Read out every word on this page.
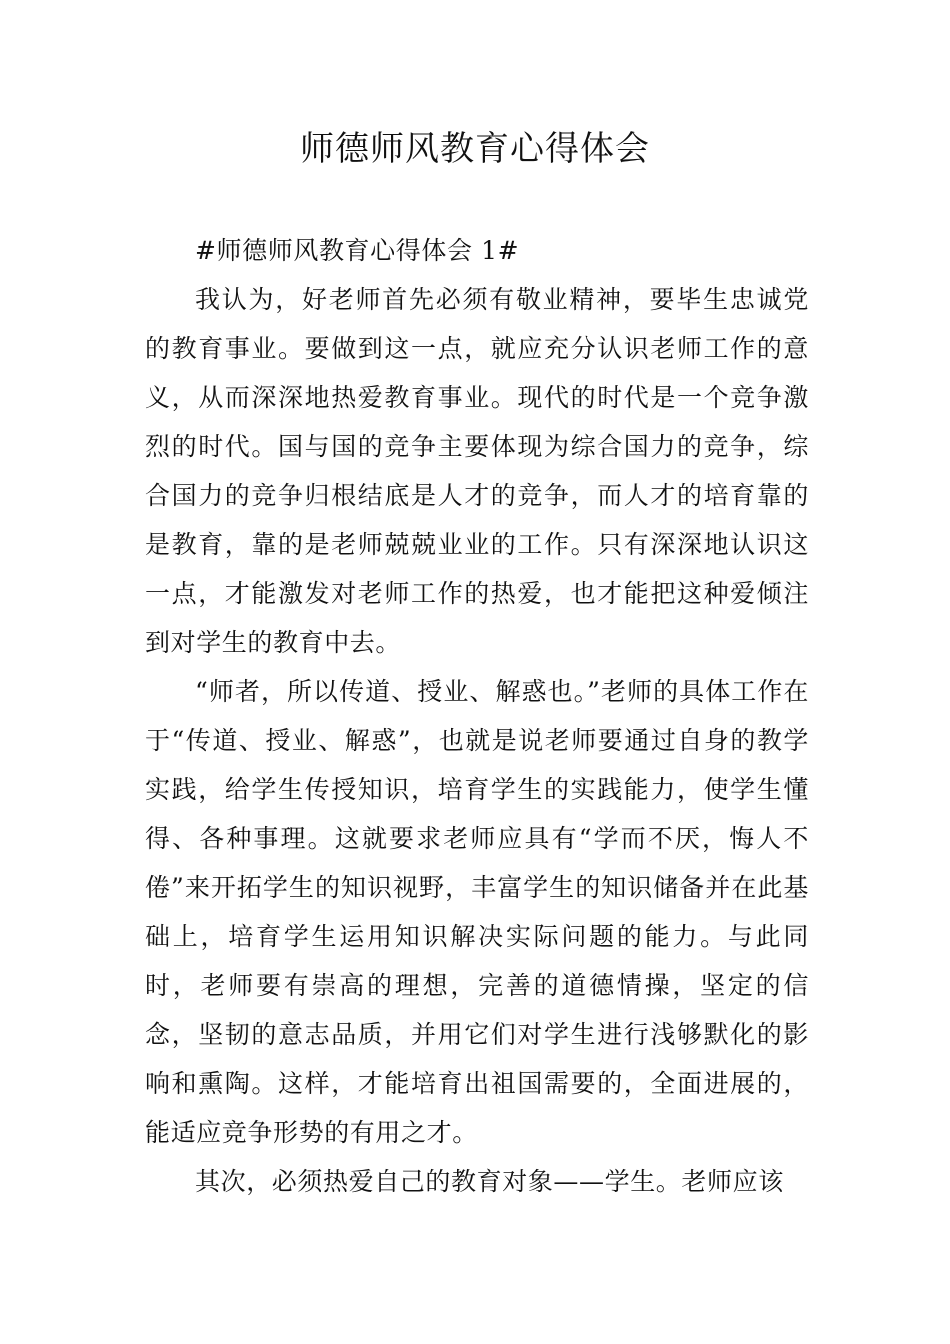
师德师风教育心得体会

#师德师风教育心得体会 1#

我认为，好老师首先必须有敬业精神，要毕生忠诚党的教育事业。要做到这一点，就应充分认识老师工作的意义，从而深深地热爱教育事业。现代的时代是一个竞争激烈的时代。国与国的竞争主要体现为综合国力的竞争，综合国力的竞争归根结底是人才的竞争，而人才的培育靠的是教育，靠的是老师兢兢业业的工作。只有深深地认识这一点，才能激发对老师工作的热爱，也才能把这种爱倾注到对学生的教育中去。

“师者，所以传道、授业、解惑也。”老师的具体工作在于“传道、授业、解惑”，也就是说老师要通过自身的教学实践，给学生传授知识，培育学生的实践能力，使学生懂得、各种事理。这就要求老师应具有“学而不厌，悔人不倦”来开拓学生的知识视野，丰富学生的知识储备并在此基础上，培育学生运用知识解决实际问题的能力。与此同时，老师要有崇高的理想，完善的道德情操，坚定的信念，坚韧的意志品质，并用它们对学生进行浅够默化的影响和熏陶。这样，才能培育出祖国需要的，全面进展的，能适应竞争形势的有用之才。

其次，必须热爱自己的教育对象——学生。老师应该
